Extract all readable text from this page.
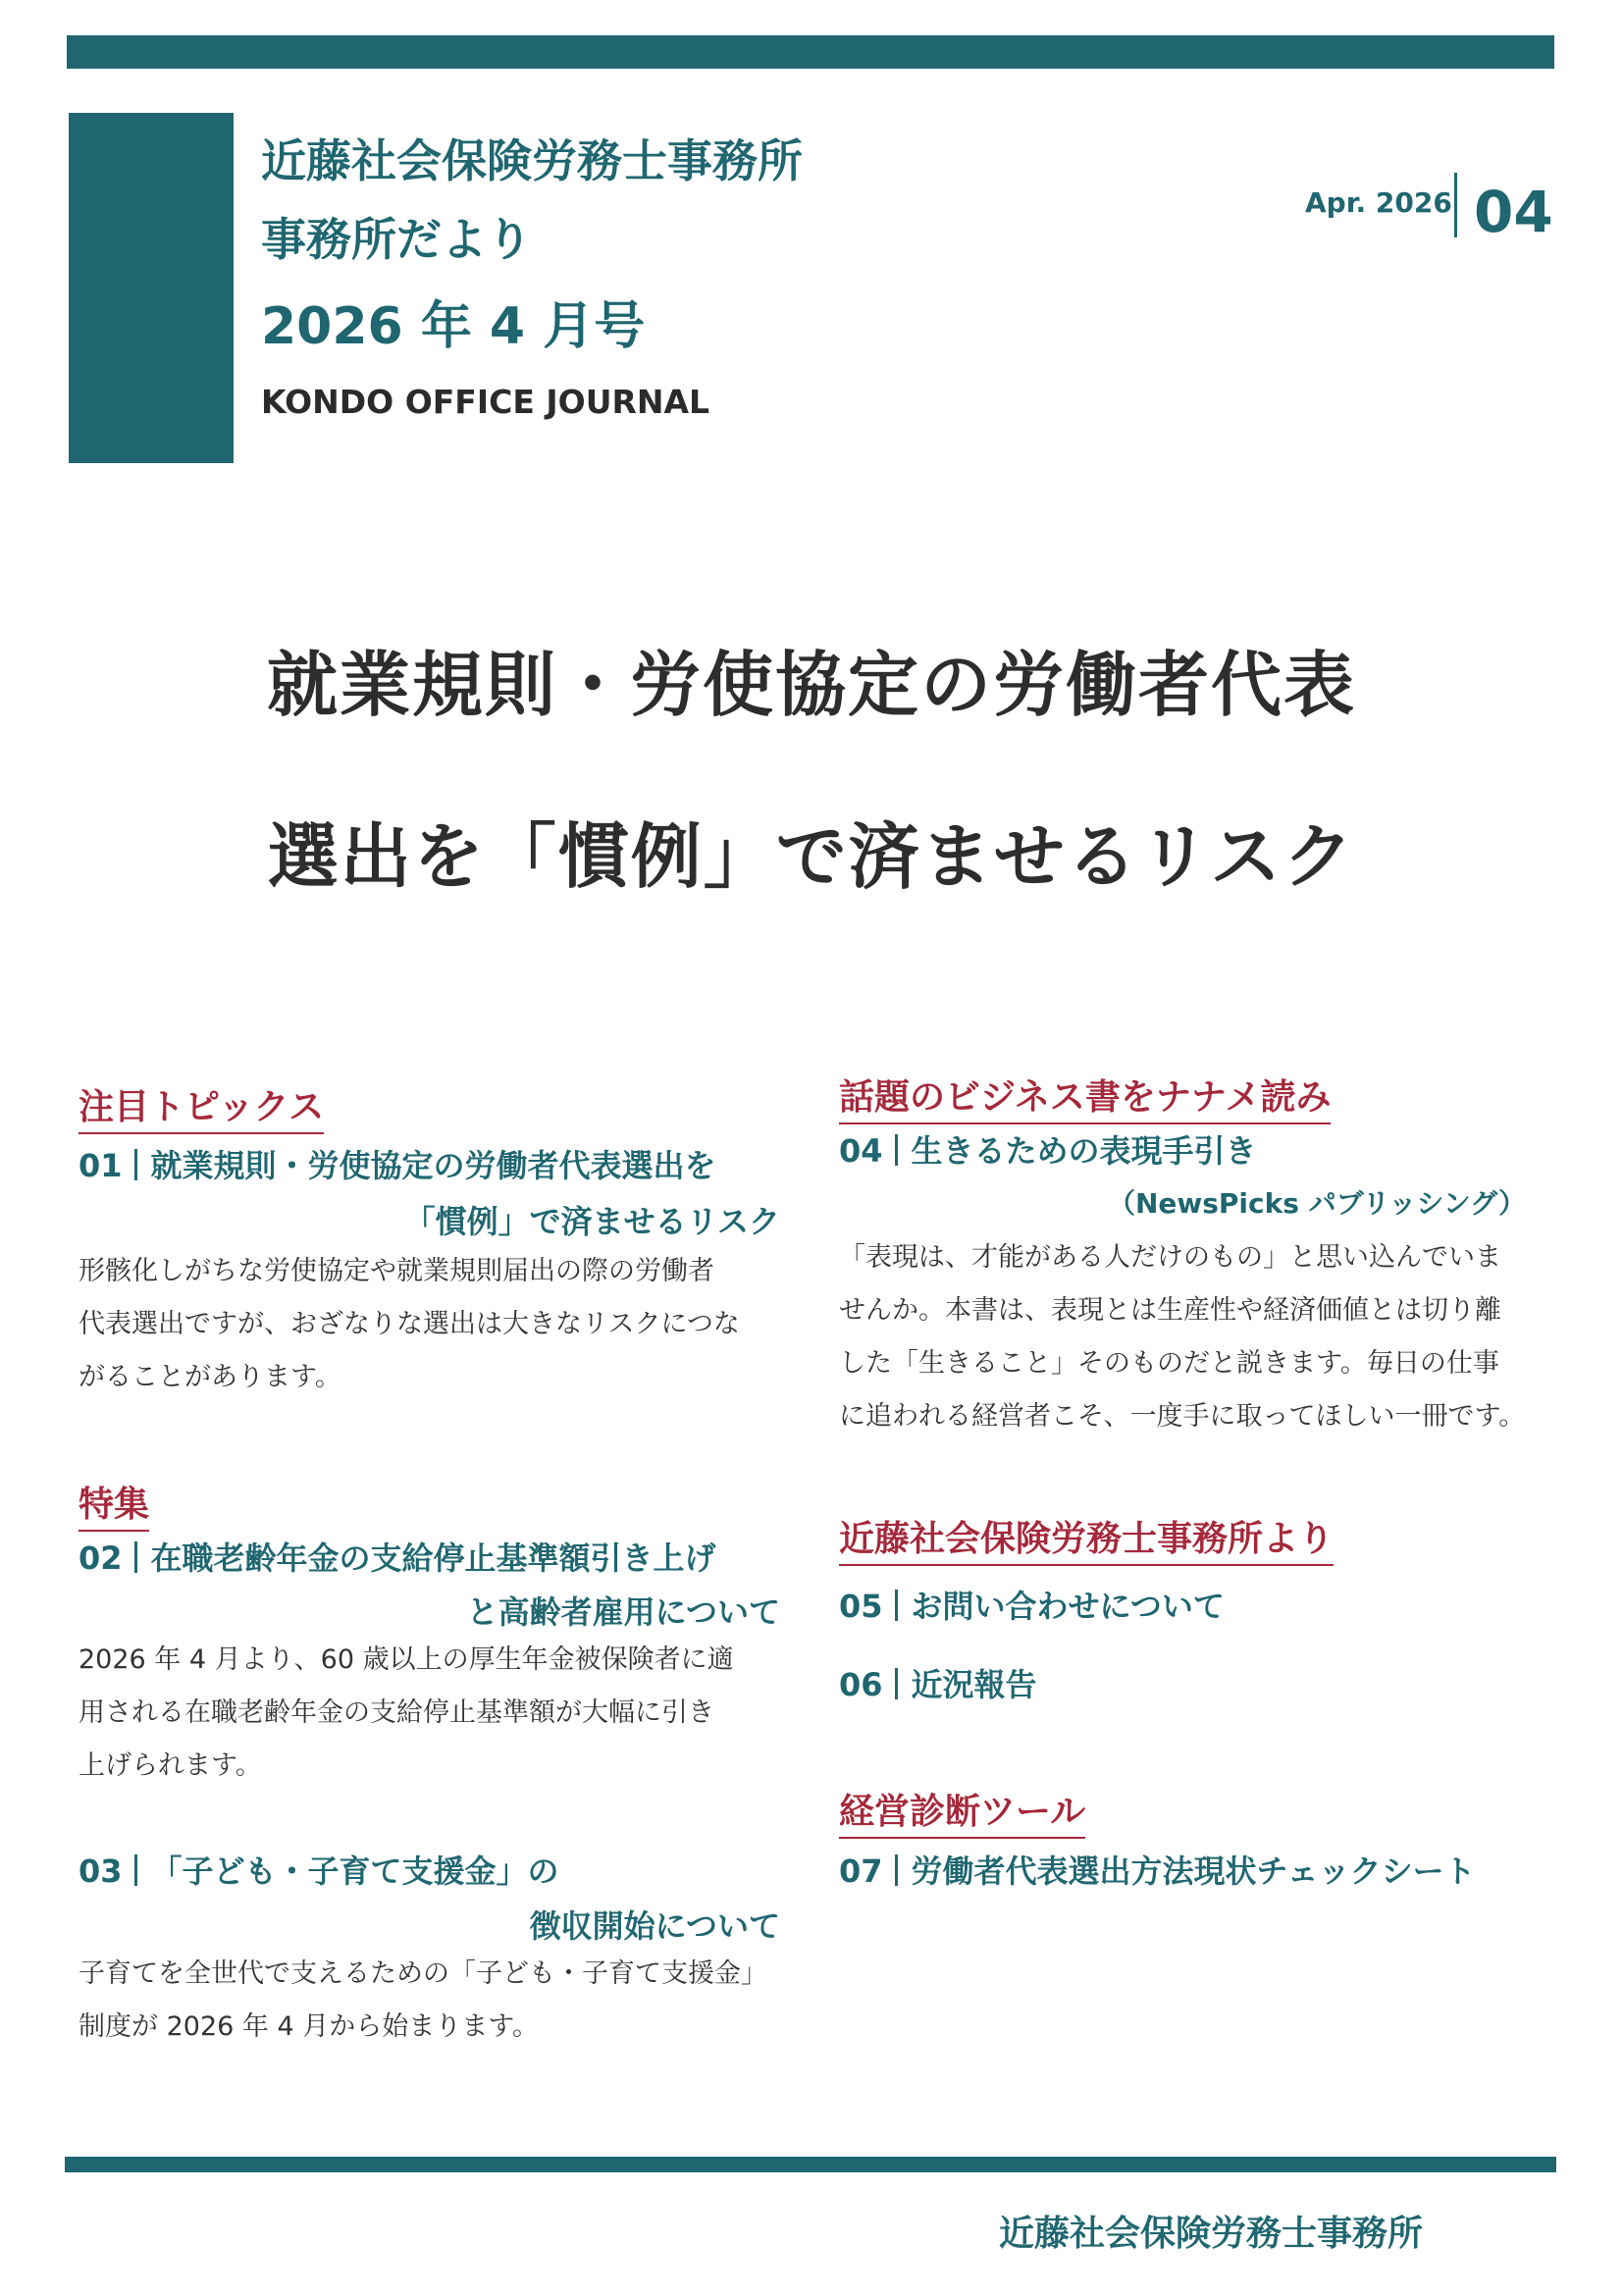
近藤社会保険労務士事務所
事務所だより
2026 年 4 月号
KONDO OFFICE JOURNAL
Apr. 2026 04
就業規則・労使協定の労働者代表
選出を「慣例」で済ませるリスク
注目トピックス
01 就業規則・労使協定の労働者代表選出を
「慣例」で済ませるリスク
形骸化しがちな労使協定や就業規則届出の際の労働者
代表選出ですが、おざなりな選出は大きなリスクにつな
がることがあります。
特集
02 在職老齢年金の支給停止基準額引き上げ
と高齢者雇用について
2026 年 4 月より、60 歳以上の厚生年金被保険者に適
用される在職老齢年金の支給停止基準額が大幅に引き
上げられます。
03 「子ども・子育て支援金」の
徴収開始について
子育てを全世代で支えるための「子ども・子育て支援金」
制度が 2026 年 4 月から始まります。
話題のビジネス書をナナメ読み
04 生きるための表現手引き
（NewsPicks パブリッシング）
「表現は、才能がある人だけのもの」と思い込んでいま
せんか。本書は、表現とは生産性や経済価値とは切り離
した「生きること」そのものだと説きます。毎日の仕事
に追われる経営者こそ、一度手に取ってほしい一冊です。
近藤社会保険労務士事務所より
05 お問い合わせについて
06 近況報告
経営診断ツール
07 労働者代表選出方法現状チェックシート
近藤社会保険労務士事務所
